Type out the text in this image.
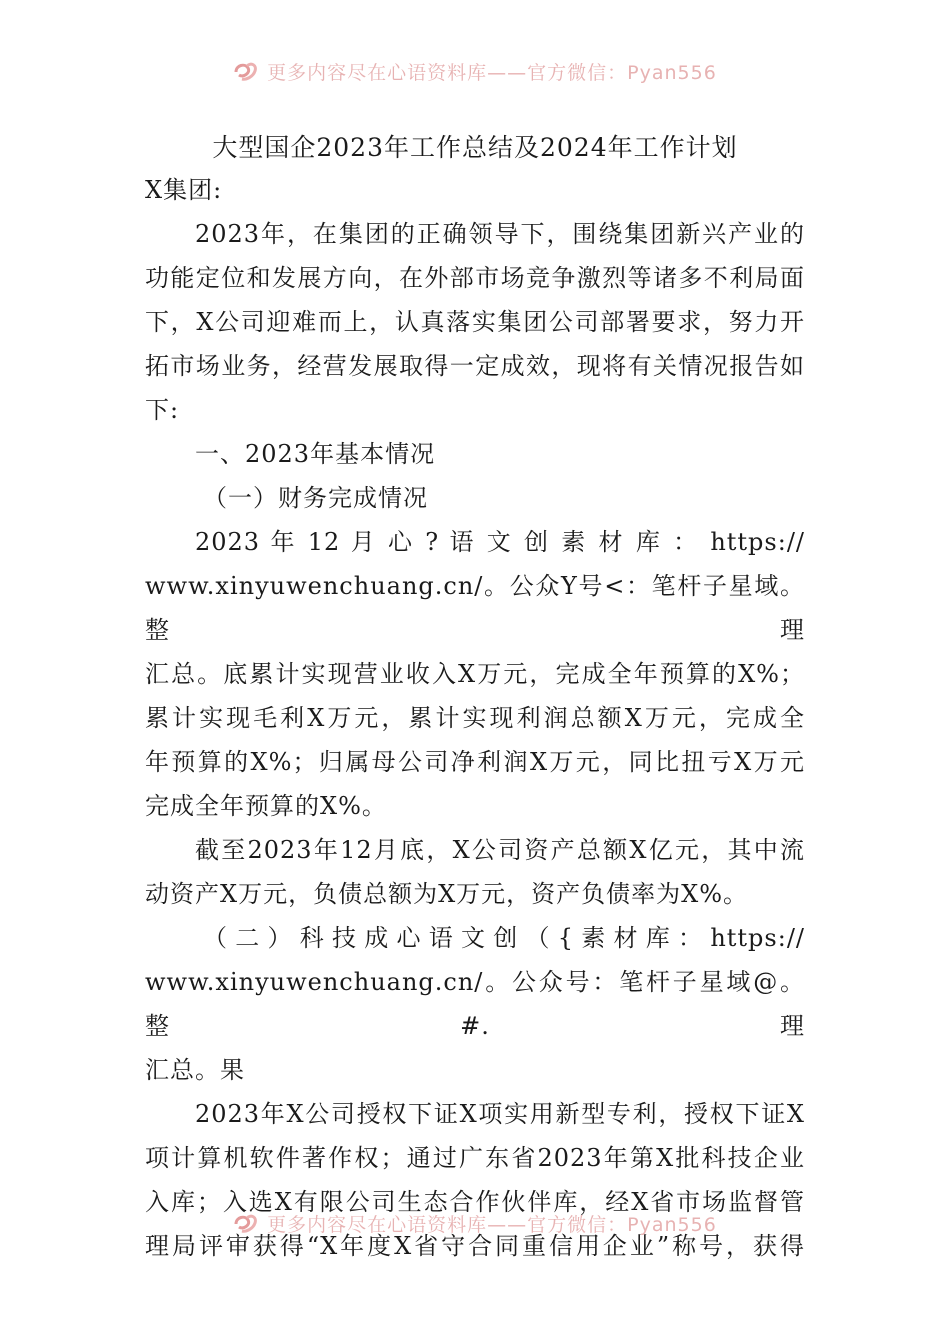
更多内容尽在心语资料库——官方微信：Pyan556

大型国企2023年工作总结及2024年工作计划

X集团:

2023年，在集团的正确领导下，围绕集团新兴产业的

功能定位和发展方向，在外部市场竞争激烈等诸多不利局面

下，X公司迎难而上，认真落实集团公司部署要求，努力开

拓市场业务，经营发展取得一定成效，现将有关情况报告如

下:

一、2023年基本情况

（一）财务完成情况

2023 年 12 月 心 ? 语 文 创 素 材 库 ： https://

www.xinyuwenchuang.cn/。公众Y号<：笔杆子星域。整理

汇总。底累计实现营业收入X万元，完成全年预算的X%；

累计实现毛利X万元，累计实现利润总额X万元，完成全

年预算的X%；归属母公司净利润X万元，同比扭亏X万元

完成全年预算的X%。

截至2023年12月底，X公司资产总额X亿元，其中流

动资产X万元，负债总额为X万元，资产负债率为X%。

（二）科技成心语文创（{素材库：https://

www.xinyuwenchuang.cn/。公众号：笔杆子星域@。整#.理

汇总。果

2023年X公司授权下证X项实用新型专利，授权下证X

项计算机软件著作权；通过广东省2023年第X批科技企业

入库；入选X有限公司生态合作伙伴库，经X省市场监督管

理局评审获得“X年度X省守合同重信用企业”称号，获得

更多内容尽在心语资料库——官方微信：Pyan556
